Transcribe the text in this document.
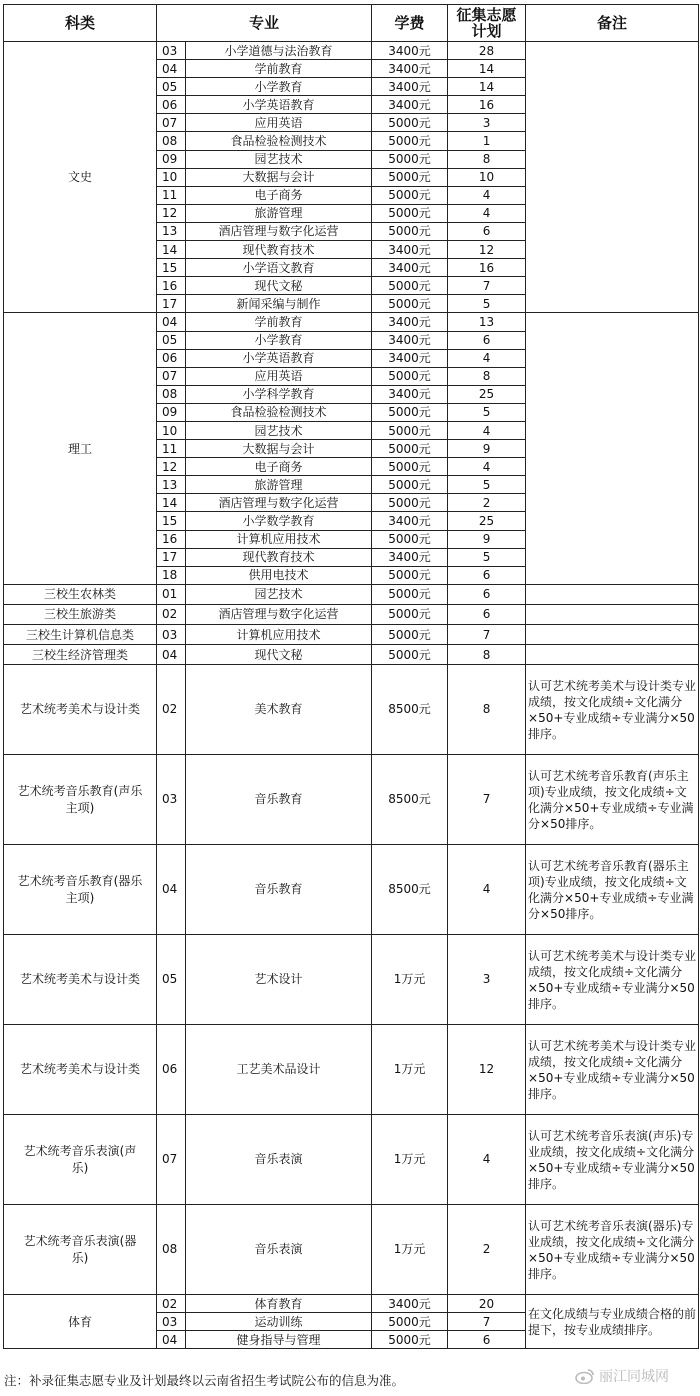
科类	专业		学费	征集志愿计划	备注
文史	03	小学道德与法治教育	3400元	28	
	04	学前教育	3400元	14	
	05	小学教育	3400元	14	
	06	小学英语教育	3400元	16	
	07	应用英语	5000元	3	
	08	食品检验检测技术	5000元	1	
	09	园艺技术	5000元	8	
	10	大数据与会计	5000元	10	
	11	电子商务	5000元	4	
	12	旅游管理	5000元	4	
	13	酒店管理与数字化运营	5000元	6	
	14	现代教育技术	3400元	12	
	15	小学语文教育	3400元	16	
	16	现代文秘	5000元	7	
	17	新闻采编与制作	5000元	5	
理工	04	学前教育	3400元	13	
	05	小学教育	3400元	6	
	06	小学英语教育	3400元	4	
	07	应用英语	5000元	8	
	08	小学科学教育	3400元	25	
	09	食品检验检测技术	5000元	5	
	10	园艺技术	5000元	4	
	11	大数据与会计	5000元	9	
	12	电子商务	5000元	4	
	13	旅游管理	5000元	5	
	14	酒店管理与数字化运营	5000元	2	
	15	小学数学教育	3400元	25	
	16	计算机应用技术	5000元	9	
	17	现代教育技术	3400元	5	
	18	供用电技术	5000元	6	
三校生农林类	01	园艺技术	5000元	6	
三校生旅游类	02	酒店管理与数字化运营	5000元	6	
三校生计算机信息类	03	计算机应用技术	5000元	7	
三校生经济管理类	04	现代文秘	5000元	8	
艺术统考美术与设计类	02	美术教育	8500元	8	认可艺术统考美术与设计类专业成绩，按文化成绩÷文化满分×50+专业成绩÷专业满分×50排序。
艺术统考音乐教育(声乐主项)	03	音乐教育	8500元	7	认可艺术统考音乐教育(声乐主项)专业成绩，按文化成绩÷文化满分×50+专业成绩÷专业满分×50排序。
艺术统考音乐教育(器乐主项)	04	音乐教育	8500元	4	认可艺术统考音乐教育(器乐主项)专业成绩，按文化成绩÷文化满分×50+专业成绩÷专业满分×50排序。
艺术统考美术与设计类	05	艺术设计	1万元	3	认可艺术统考美术与设计类专业成绩，按文化成绩÷文化满分×50+专业成绩÷专业满分×50排序。
艺术统考美术与设计类	06	工艺美术品设计	1万元	12	认可艺术统考美术与设计类专业成绩，按文化成绩÷文化满分×50+专业成绩÷专业满分×50排序。
艺术统考音乐表演(声乐)	07	音乐表演	1万元	4	认可艺术统考音乐表演(声乐)专业成绩，按文化成绩÷文化满分×50+专业成绩÷专业满分×50排序。
艺术统考音乐表演(器乐)	08	音乐表演	1万元	2	认可艺术统考音乐表演(器乐)专业成绩，按文化成绩÷文化满分×50+专业成绩÷专业满分×50排序。
体育	02	体育教育	3400元	20	在文化成绩与专业成绩合格的前提下，按专业成绩排序。
	03	运动训练	5000元	7	
	04	健身指导与管理	5000元	6	
注：补录征集志愿专业及计划最终以云南省招生考试院公布的信息为准。	丽江同城网
